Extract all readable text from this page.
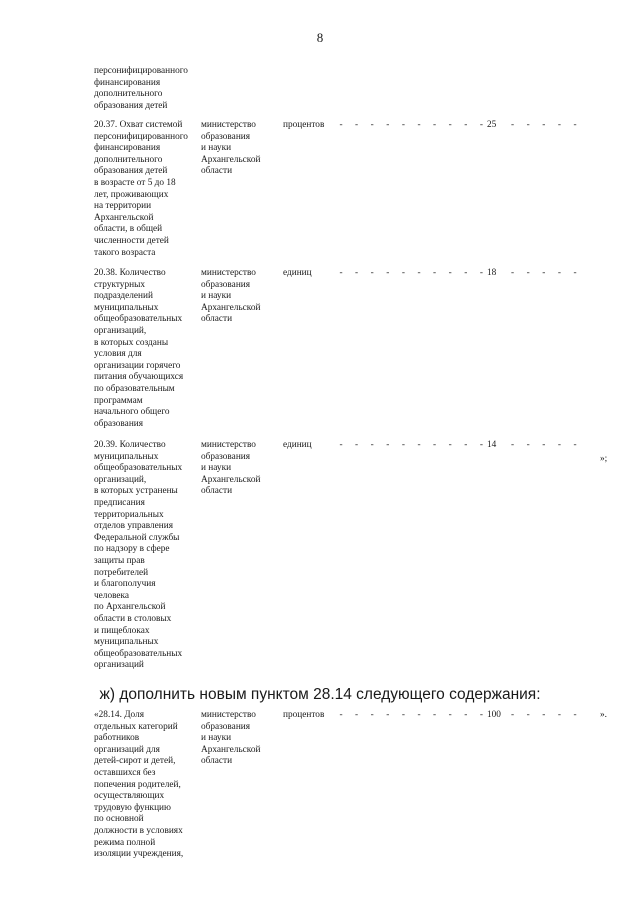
8
персонифицированного
финансирования
дополнительного
образования детей
20.37. Охват системой
персонифицированного
финансирования
дополнительного
образования детей
в возрасте от 5 до 18
лет, проживающих
на территории
Архангельской
области, в общей
численности детей
такого возраста
министерство
образования
и науки
Архангельской
области
процентов	-	-	-	-	-	-	-	-	-	- 25	-	-	-	-	-
20.38. Количество
структурных
подразделений
муниципальных
общеобразовательных
организаций,
в которых созданы
условия для
организации горячего
питания обучающихся
по образовательным
программам
начального общего
образования
министерство
образования
и науки
Архангельской
области
единиц	-	-	-	-	-	-	-	-	-	- 18	-	-	-	-	-
20.39. Количество
муниципальных
общеобразовательных
организаций,
в которых устранены
предписания
территориальных
отделов управления
Федеральной службы
по надзору в сфере
защиты прав
потребителей
и благополучия
человека
по Архангельской
области в столовых
и пищеблоках
муниципальных
общеобразовательных
организаций
министерство
образования
и науки
Архангельской
области
единиц	-	-	-	-	-	-	-	-	-	- 14	-	-	-	-	-
»;
ж) дополнить новым пунктом 28.14 следующего содержания:
«28.14. Доля
отдельных категорий
работников
организаций для
детей-сирот и детей,
оставшихся без
попечения родителей,
осуществляющих
трудовую функцию
по основной
должности в условиях
режима полной
изоляции учреждения,
министерство
образования
и науки
Архангельской
области
процентов	-	-	-	-	-	-	-	-	-	- 100	-	-	-	-	-	».
